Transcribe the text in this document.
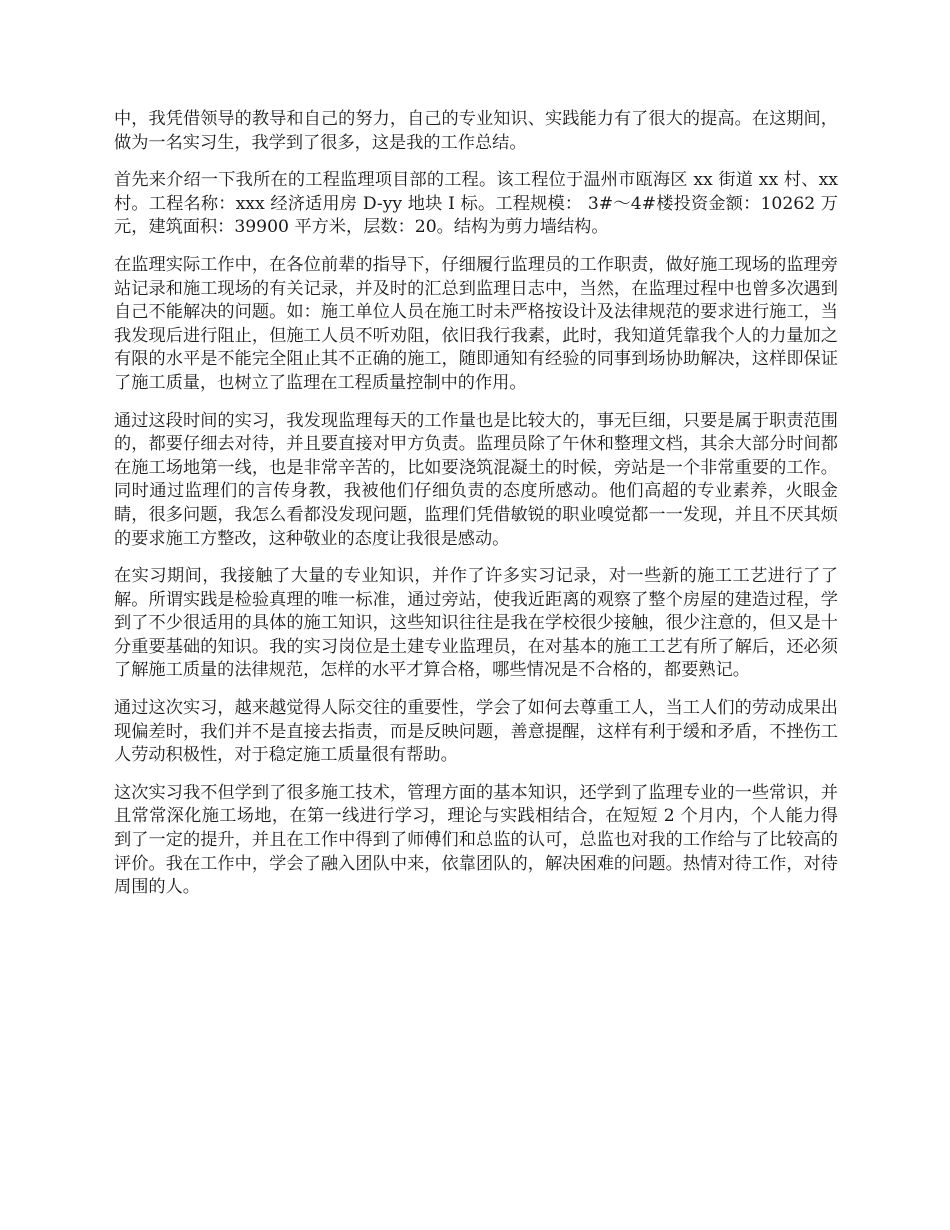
中，我凭借领导的教导和自己的努力，自己的专业知识、实践能力有了很大的提高。在这期间，做为一名实习生，我学到了很多，这是我的工作总结。

首先来介绍一下我所在的工程监理项目部的工程。该工程位于温州市瓯海区 xx 街道 xx 村、xx 村。工程名称：xxx 经济适用房 D-yy 地块 I 标。工程规模： 3#～4#楼投资金额：10262 万元，建筑面积：39900 平方米，层数：20。结构为剪力墙结构。

在监理实际工作中，在各位前辈的指导下，仔细履行监理员的工作职责，做好施工现场的监理旁站记录和施工现场的有关记录，并及时的汇总到监理日志中，当然，在监理过程中也曾多次遇到自己不能解决的问题。如：施工单位人员在施工时未严格按设计及法律规范的要求进行施工，当我发现后进行阻止，但施工人员不听劝阻，依旧我行我素，此时，我知道凭靠我个人的力量加之有限的水平是不能完全阻止其不正确的施工，随即通知有经验的同事到场协助解决，这样即保证了施工质量，也树立了监理在工程质量控制中的作用。

通过这段时间的实习，我发现监理每天的工作量也是比较大的，事无巨细，只要是属于职责范围的，都要仔细去对待，并且要直接对甲方负责。监理员除了午休和整理文档，其余大部分时间都在施工场地第一线，也是非常辛苦的，比如要浇筑混凝土的时候，旁站是一个非常重要的工作。同时通过监理们的言传身教，我被他们仔细负责的态度所感动。他们高超的专业素养，火眼金睛，很多问题，我怎么看都没发现问题，监理们凭借敏锐的职业嗅觉都一一发现，并且不厌其烦的要求施工方整改，这种敬业的态度让我很是感动。

在实习期间，我接触了大量的专业知识，并作了许多实习记录，对一些新的施工工艺进行了了解。所谓实践是检验真理的唯一标准，通过旁站，使我近距离的观察了整个房屋的建造过程，学到了不少很适用的具体的施工知识，这些知识往往是我在学校很少接触，很少注意的，但又是十分重要基础的知识。我的实习岗位是土建专业监理员，在对基本的施工工艺有所了解后，还必须了解施工质量的法律规范，怎样的水平才算合格，哪些情况是不合格的，都要熟记。

通过这次实习，越来越觉得人际交往的重要性，学会了如何去尊重工人，当工人们的劳动成果出现偏差时，我们并不是直接去指责，而是反映问题，善意提醒，这样有利于缓和矛盾，不挫伤工人劳动积极性，对于稳定施工质量很有帮助。

这次实习我不但学到了很多施工技术，管理方面的基本知识，还学到了监理专业的一些常识，并且常常深化施工场地，在第一线进行学习，理论与实践相结合，在短短 2 个月内，个人能力得到了一定的提升，并且在工作中得到了师傅们和总监的认可，总监也对我的工作给与了比较高的评价。我在工作中，学会了融入团队中来，依靠团队的，解决困难的问题。热情对待工作，对待周围的人。
